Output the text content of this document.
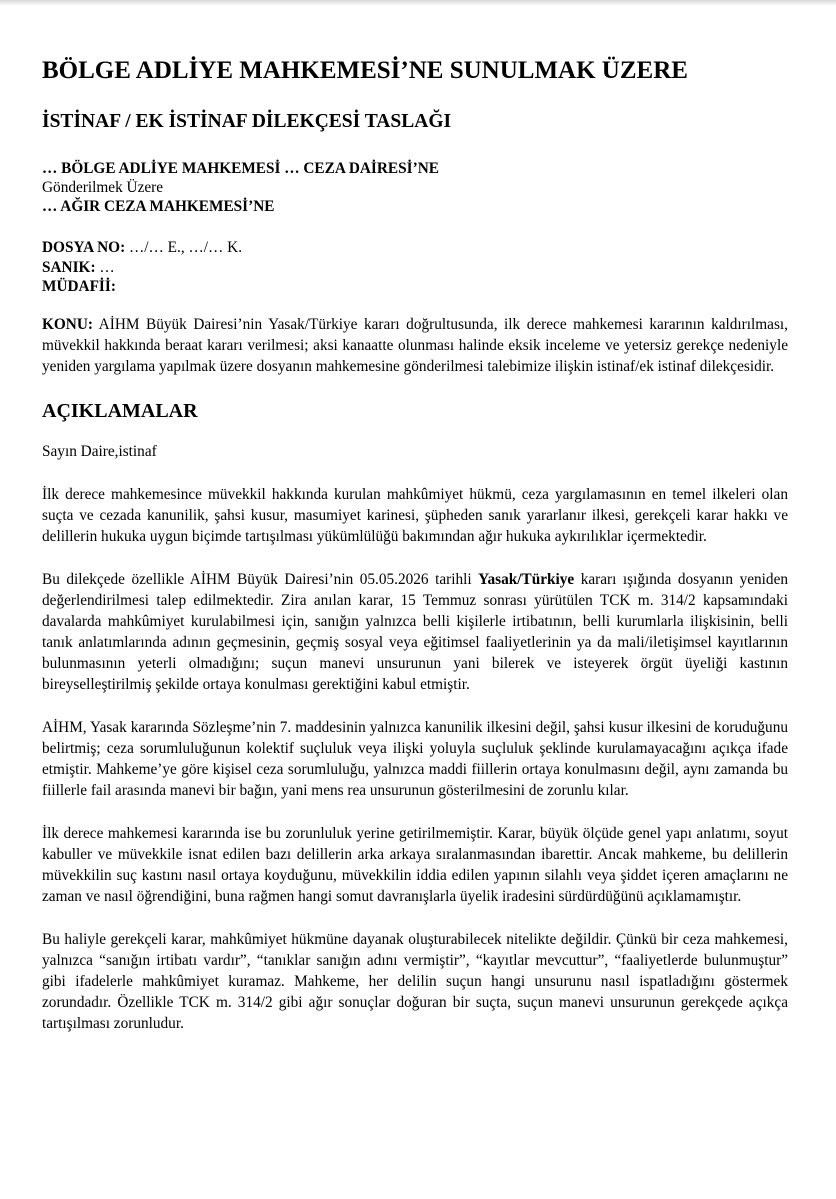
BÖLGE ADLİYE MAHKEMESİ’NE SUNULMAK ÜZERE
İSTİNAF / EK İSTİNAF DİLEKÇESİ TASLAĞI
… BÖLGE ADLİYE MAHKEMESİ … CEZA DAİRESİ’NE
Gönderilmek Üzere
… AĞIR CEZA MAHKEMESİ’NE
DOSYA NO: …/… E., …/… K.
SANIK: …
MÜDAFİİ:

KONU: AİHM Büyük Dairesi’nin Yasak/Türkiye kararı doğrultusunda, ilk derece mahkemesi kararının kaldırılması, müvekkil hakkında beraat kararı verilmesi; aksi kanaatte olunması halinde eksik inceleme ve yetersiz gerekçe nedeniyle yeniden yargılama yapılmak üzere dosyanın mahkemesine gönderilmesi talebimize ilişkin istinaf/ek istinaf dilekçesidir.

AÇIKLAMALAR

Sayın Daire,istinaf

İlk derece mahkemesince müvekkil hakkında kurulan mahkûmiyet hükmü, ceza yargılamasının en temel ilkeleri olan suçta ve cezada kanunilik, şahsi kusur, masumiyet karinesi, şüpheden sanık yararlanır ilkesi, gerekçeli karar hakkı ve delillerin hukuka uygun biçimde tartışılması yükümlülüğü bakımından ağır hukuka aykırılıklar içermektedir.

Bu dilekçede özellikle AİHM Büyük Dairesi’nin 05.05.2026 tarihli Yasak/Türkiye kararı ışığında dosyanın yeniden değerlendirilmesi talep edilmektedir. Zira anılan karar, 15 Temmuz sonrası yürütülen TCK m. 314/2 kapsamındaki davalarda mahkûmiyet kurulabilmesi için, sanığın yalnızca belli kişilerle irtibatının, belli kurumlarla ilişkisinin, belli tanık anlatımlarında adının geçmesinin, geçmiş sosyal veya eğitimsel faaliyetlerinin ya da mali/iletişimsel kayıtlarının bulunmasının yeterli olmadığını; suçun manevi unsurunun yani bilerek ve isteyerek örgüt üyeliği kastının bireyselleştirilmiş şekilde ortaya konulması gerektiğini kabul etmiştir.

AİHM, Yasak kararında Sözleşme’nin 7. maddesinin yalnızca kanunilik ilkesini değil, şahsi kusur ilkesini de koruduğunu belirtmiş; ceza sorumluluğunun kolektif suçluluk veya ilişki yoluyla suçluluk şeklinde kurulamayacağını açıkça ifade etmiştir. Mahkeme’ye göre kişisel ceza sorumluluğu, yalnızca maddi fiillerin ortaya konulmasını değil, aynı zamanda bu fiillerle fail arasında manevi bir bağın, yani mens rea unsurunun gösterilmesini de zorunlu kılar.

İlk derece mahkemesi kararında ise bu zorunluluk yerine getirilmemiştir. Karar, büyük ölçüde genel yapı anlatımı, soyut kabuller ve müvekkile isnat edilen bazı delillerin arka arkaya sıralanmasından ibarettir. Ancak mahkeme, bu delillerin müvekkilin suç kastını nasıl ortaya koyduğunu, müvekkilin iddia edilen yapının silahlı veya şiddet içeren amaçlarını ne zaman ve nasıl öğrendiğini, buna rağmen hangi somut davranışlarla üyelik iradesini sürdürdüğünü açıklamamıştır.

Bu haliyle gerekçeli karar, mahkûmiyet hükmüne dayanak oluşturabilecek nitelikte değildir. Çünkü bir ceza mahkemesi, yalnızca “sanığın irtibatı vardır”, “tanıklar sanığın adını vermiştir”, “kayıtlar mevcuttur”, “faaliyetlerde bulunmuştur” gibi ifadelerle mahkûmiyet kuramaz. Mahkeme, her delilin suçun hangi unsurunu nasıl ispatladığını göstermek zorundadır. Özellikle TCK m. 314/2 gibi ağır sonuçlar doğuran bir suçta, suçun manevi unsurunun gerekçede açıkça tartışılması zorunludur.
